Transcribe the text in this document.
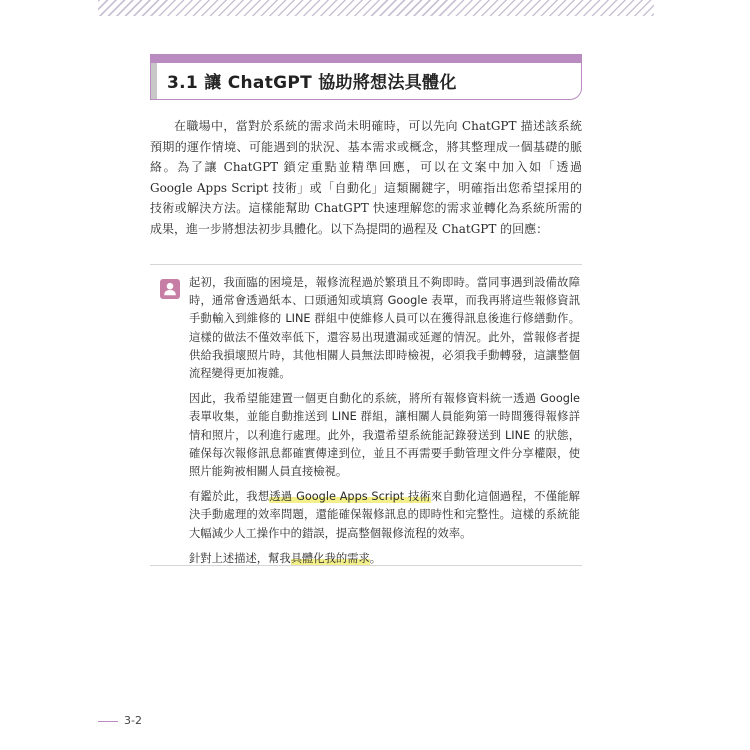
3.1 讓 ChatGPT 協助將想法具體化

在職場中，當對於系統的需求尚未明確時，可以先向 ChatGPT 描述該系統預期的運作情境、可能遇到的狀況、基本需求或概念，將其整理成一個基礎的脈絡。為了讓 ChatGPT 鎖定重點並精準回應，可以在文案中加入如「透過 Google Apps Script 技術」或「自動化」這類關鍵字，明確指出您希望採用的技術或解決方法。這樣能幫助 ChatGPT 快速理解您的需求並轉化為系統所需的成果，進一步將想法初步具體化。以下為提問的過程及 ChatGPT 的回應：

起初，我面臨的困境是，報修流程過於繁瑣且不夠即時。當同事遇到設備故障時，通常會透過紙本、口頭通知或填寫 Google 表單，而我再將這些報修資訊手動輸入到維修的 LINE 群組中使維修人員可以在獲得訊息後進行修繕動作。這樣的做法不僅效率低下，還容易出現遺漏或延遲的情況。此外，當報修者提供給我損壞照片時，其他相關人員無法即時檢視，必須我手動轉發，這讓整個流程變得更加複雜。

因此，我希望能建置一個更自動化的系統，將所有報修資料統一透過 Google 表單收集，並能自動推送到 LINE 群組，讓相關人員能夠第一時間獲得報修詳情和照片，以利進行處理。此外，我還希望系統能記錄發送到 LINE 的狀態，確保每次報修訊息都確實傳達到位，並且不再需要手動管理文件分享權限，使照片能夠被相關人員直接檢視。

有鑑於此，我想透過 Google Apps Script 技術來自動化這個過程，不僅能解決手動處理的效率問題，還能確保報修訊息的即時性和完整性。這樣的系統能大幅減少人工操作中的錯誤，提高整個報修流程的效率。

針對上述描述，幫我具體化我的需求。

3-2
